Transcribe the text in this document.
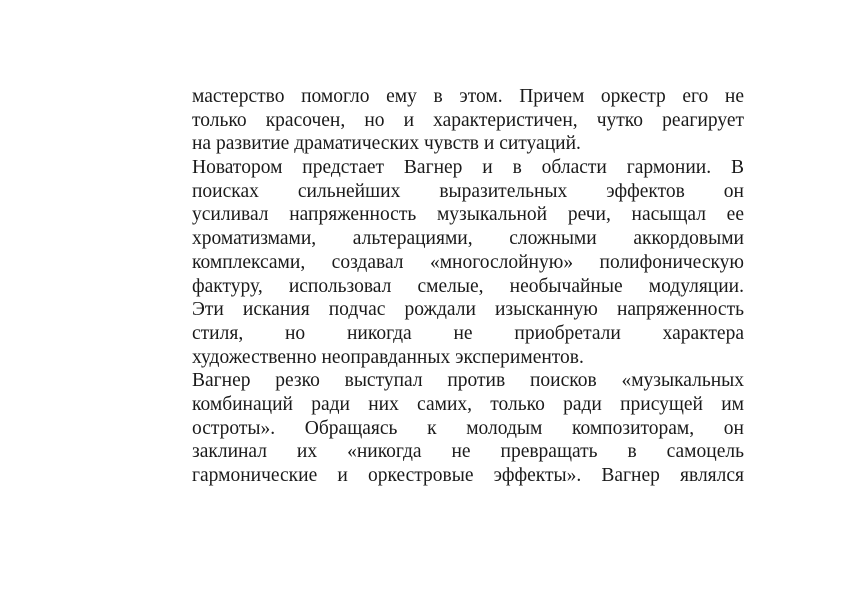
мастерство помогло ему в этом. Причем оркестр его не
только красочен, но и характеристичен, чутко реагирует
на развитие драматических чувств и ситуаций.
Новатором предстает Вагнер и в области гармонии. В
поисках сильнейших выразительных эффектов он
усиливал напряженность музыкальной речи, насыщал ее
хроматизмами, альтерациями, сложными аккордовыми
комплексами, создавал «многослойную» полифоническую
фактуру, использовал смелые, необычайные модуляции.
Эти искания подчас рождали изысканную напряженность
стиля, но никогда не приобретали характера
художественно неоправданных экспериментов.
Вагнер резко выступал против поисков «музыкальных
комбинаций ради них самих, только ради присущей им
остроты». Обращаясь к молодым композиторам, он
заклинал их «никогда не превращать в самоцель
гармонические и оркестровые эффекты». Вагнер являлся
